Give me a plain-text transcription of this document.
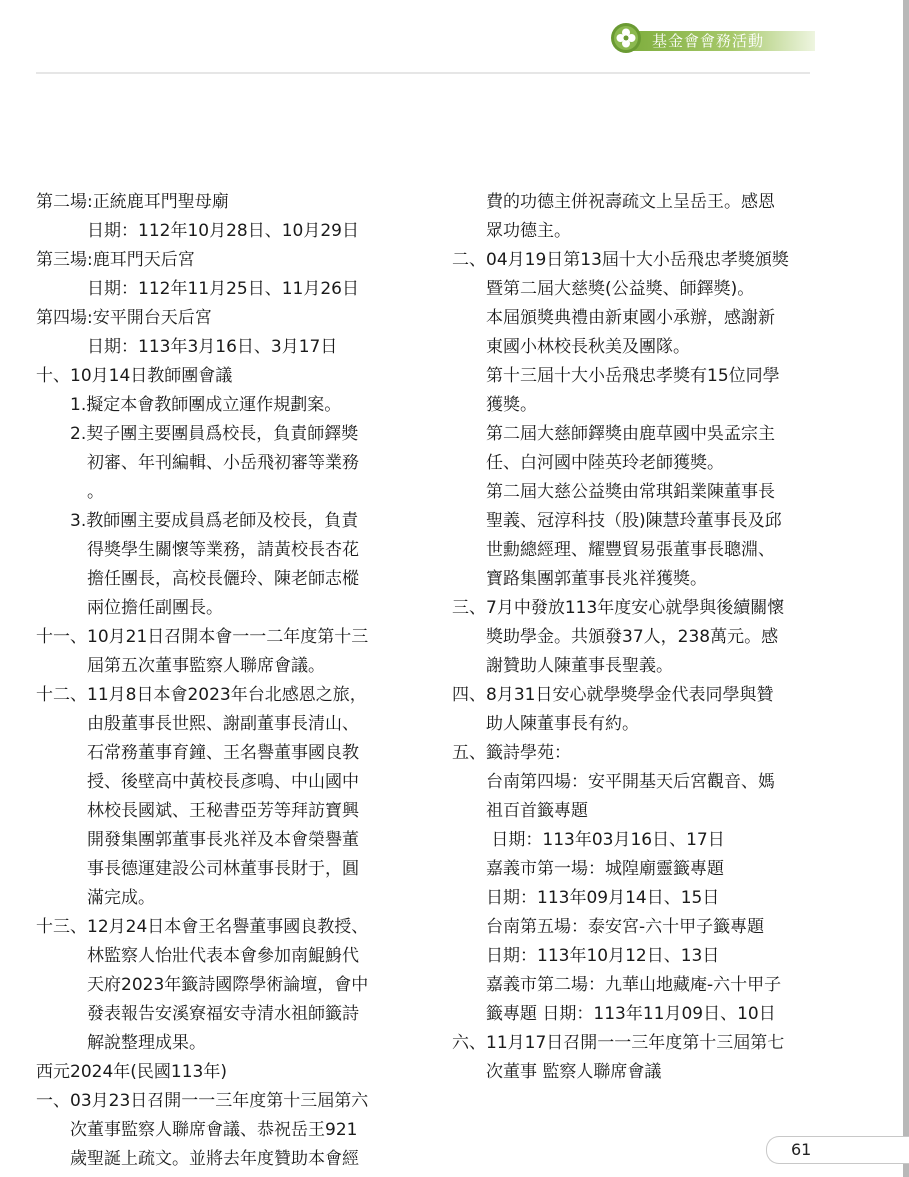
基金會會務活動
第二場:正統鹿耳門聖母廟
　　　日期：112年10月28日、10月29日
第三場:鹿耳門天后宮
　　　日期：112年11月25日、11月26日
第四場:安平開台天后宮
　　　日期：113年3月16日、3月17日
十、10月14日教師團會議
　　1.擬定本會教師團成立運作規劃案。
　　2.契子團主要團員爲校長，負責師鐸獎
　　　初審、年刊編輯、小岳飛初審等業務
　　　。
　　3.教師團主要成員爲老師及校長，負責
　　　得獎學生關懷等業務，請黃校長杏花
　　　擔任團長，高校長儷玲、陳老師志樅
　　　兩位擔任副團長。
十一、10月21日召開本會一一二年度第十三
　　　屆第五次董事監察人聯席會議。
十二、11月8日本會2023年台北感恩之旅，
　　　由殷董事長世熙、謝副董事長清山、
　　　石常務董事育鐘、王名譽董事國良教
　　　授、後壁高中黃校長彥鳴、中山國中
　　　林校長國斌、王秘書亞芳等拜訪寶興
　　　開發集團郭董事長兆祥及本會榮譽董
　　　事長德運建設公司林董事長財于，圓
　　　滿完成。
十三、12月24日本會王名譽董事國良教授、
　　　林監察人怡壯代表本會參加南鯤鯓代
　　　天府2023年籤詩國際學術論壇，會中
　　　發表報告安溪寮福安寺清水祖師籤詩
　　　解說整理成果。
西元2024年(民國113年)
一、03月23日召開一一三年度第十三屆第六
　　次董事監察人聯席會議、恭祝岳王921
　　歲聖誕上疏文。並將去年度贊助本會經
　　費的功德主併祝壽疏文上呈岳王。感恩
　　眾功德主。
二、04月19日第13屆十大小岳飛忠孝獎頒獎
　　暨第二屆大慈獎(公益獎、師鐸獎)。
　　本屆頒獎典禮由新東國小承辦，感謝新
　　東國小林校長秋美及團隊。
　　第十三屆十大小岳飛忠孝獎有15位同學
　　獲獎。
　　第二屆大慈師鐸獎由鹿草國中吳孟宗主
　　任、白河國中陸英玲老師獲獎。
　　第二屆大慈公益獎由常琪鋁業陳董事長
　　聖義、冠淳科技（股)陳慧玲董事長及邱
　　世勳總經理、耀豐貿易張董事長聰淵、
　　寶路集團郭董事長兆祥獲獎。
三、7月中發放113年度安心就學與後續關懷
　　獎助學金。共頒發37人，238萬元。感
　　謝贊助人陳董事長聖義。
四、8月31日安心就學獎學金代表同學與贊
　　助人陳董事長有約。
五、籤詩學苑：
　　台南第四場：安平開基天后宮觀音、媽
　　祖百首籤專題
　　 日期：113年03月16日、17日
　　嘉義市第一場：城隍廟靈籤專題
　　日期：113年09月14日、15日
　　台南第五場：泰安宮-六十甲子籤專題
　　日期：113年10月12日、13日
　　嘉義市第二場：九華山地藏庵-六十甲子
　　籤專題 日期：113年11月09日、10日
六、11月17日召開一一三年度第十三屆第七
　　次董事 監察人聯席會議
61
